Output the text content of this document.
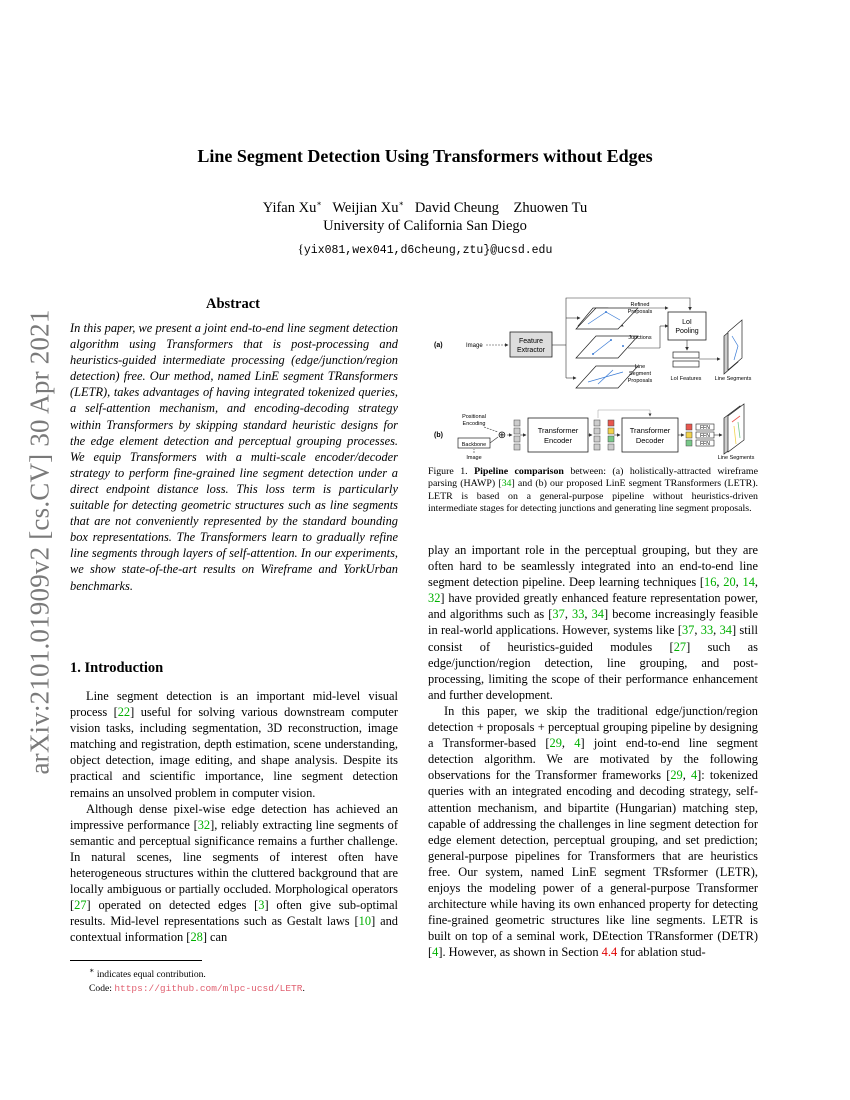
arXiv:2101.01909v2 [cs.CV] 30 Apr 2021
Line Segment Detection Using Transformers without Edges
Yifan Xu∗ Weijian Xu∗ David Cheung Zhuowen Tu
University of California San Diego
{yix081,wex041,d6cheung,ztu}@ucsd.edu
Abstract
In this paper, we present a joint end-to-end line segment detection algorithm using Transformers that is post-processing and heuristics-guided intermediate processing (edge/junction/region detection) free. Our method, named LinE segment TRansformers (LETR), takes advantages of having integrated tokenized queries, a self-attention mechanism, and encoding-decoding strategy within Transformers by skipping standard heuristic designs for the edge element detection and perceptual grouping processes. We equip Transformers with a multi-scale encoder/decoder strategy to perform fine-grained line segment detection under a direct endpoint distance loss. This loss term is particularly suitable for detecting geometric structures such as line segments that are not conveniently represented by the standard bounding box representations. The Transformers learn to gradually refine line segments through layers of self-attention. In our experiments, we show state-of-the-art results on Wireframe and YorkUrban benchmarks.
1. Introduction

Line segment detection is an important mid-level visual process [22] useful for solving various downstream computer vision tasks, including segmentation, 3D reconstruction, image matching and registration, depth estimation, scene understanding, object detection, image editing, and shape analysis. Despite its practical and scientific importance, line segment detection remains an unsolved problem in computer vision.

Although dense pixel-wise edge detection has achieved an impressive performance [32], reliably extracting line segments of semantic and perceptual significance remains a further challenge. In natural scenes, line segments of interest often have heterogeneous structures within the cluttered background that are locally ambiguous or partially occluded. Morphological operators [27] operated on detected edges [3] often give sub-optimal results. Mid-level representations such as Gestalt laws [10] and contextual information [28] can

∗ indicates equal contribution.
Code: https://github.com/mlpc-ucsd/LETR.
(a)	Image
Feature
Extractor
Refined
Proposals
Junctions
Line
Segment
Proposals
LoI
Pooling
LoI Features Line Segments
(b)
Positional
Encoding
Backbone
Image
⊕	Transformer
Encoder
Transformer
Decoder
FFN
FFN
FFN
Line Segments
Figure 1. Pipeline comparison between: (a) holistically-attracted wireframe parsing (HAWP) [34] and (b) our proposed LinE segment TRansformers (LETR). LETR is based on a general-purpose pipeline without heuristics-driven intermediate stages for detecting junctions and generating line segment proposals.

play an important role in the perceptual grouping, but they are often hard to be seamlessly integrated into an end-to-end line segment detection pipeline. Deep learning techniques [16, 20, 14, 32] have provided greatly enhanced feature representation power, and algorithms such as [37, 33, 34] become increasingly feasible in real-world applications. However, systems like [37, 33, 34] still consist of heuristics-guided modules [27] such as edge/junction/region detection, line grouping, and post-processing, limiting the scope of their performance enhancement and further development.

In this paper, we skip the traditional edge/junction/region detection + proposals + perceptual grouping pipeline by designing a Transformer-based [29, 4] joint end-to-end line segment detection algorithm. We are motivated by the following observations for the Transformer frameworks [29, 4]: tokenized queries with an integrated encoding and decoding strategy, self-attention mechanism, and bipartite (Hungarian) matching step, capable of addressing the challenges in line segment detection for edge element detection, perceptual grouping, and set prediction; general-purpose pipelines for Transformers that are heuristics free. Our system, named LinE segment TRsformer (LETR), enjoys the modeling power of a general-purpose Transformer architecture while having its own enhanced property for detecting fine-grained geometric structures like line segments. LETR is built on top of a seminal work, DEtection TRansformer (DETR) [4]. However, as shown in Section 4.4 for ablation stud-
